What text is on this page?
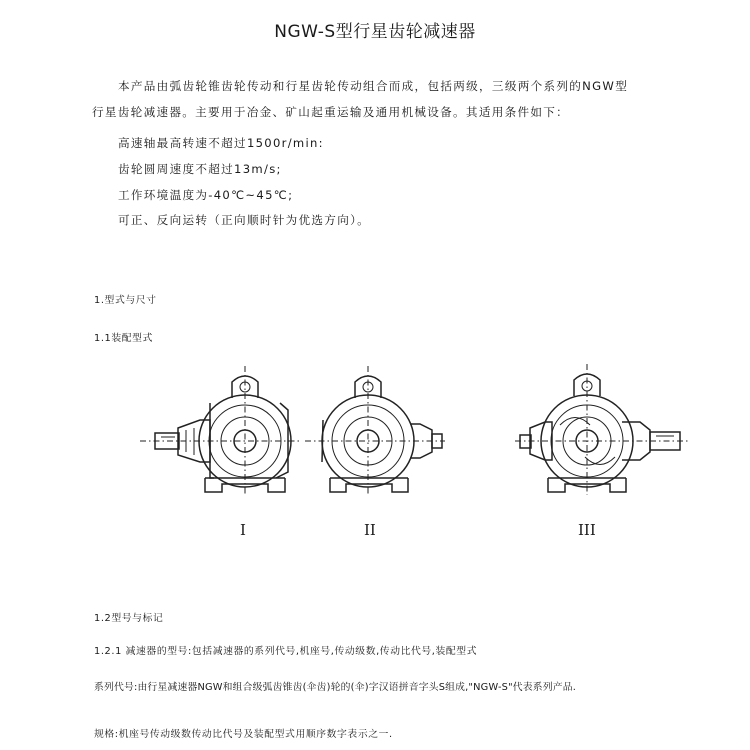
NGW-S型行星齿轮减速器
本产品由弧齿轮锥齿轮传动和行星齿轮传动组合而成，包括两级，三级两个系列的NGW型
行星齿轮减速器。主要用于冶金、矿山起重运输及通用机械设备。其适用条件如下：
高速轴最高转速不超过1500r/min:
齿轮圆周速度不超过13m/s;
工作环境温度为-40℃~45℃;
可正、反向运转（正向顺时针为优选方向）。
1.型式与尺寸
1.1装配型式
I	II	III
1.2型号与标记
1.2.1 减速器的型号:包括减速器的系列代号,机座号,传动级数,传动比代号,装配型式
系列代号:由行星减速器NGW和组合级弧齿锥齿(伞齿)轮的(伞)字汉语拼音字头S组成,"NGW-S"代表系列产品.
规格:机座号传动级数传动比代号及装配型式用顺序数字表示之一.
